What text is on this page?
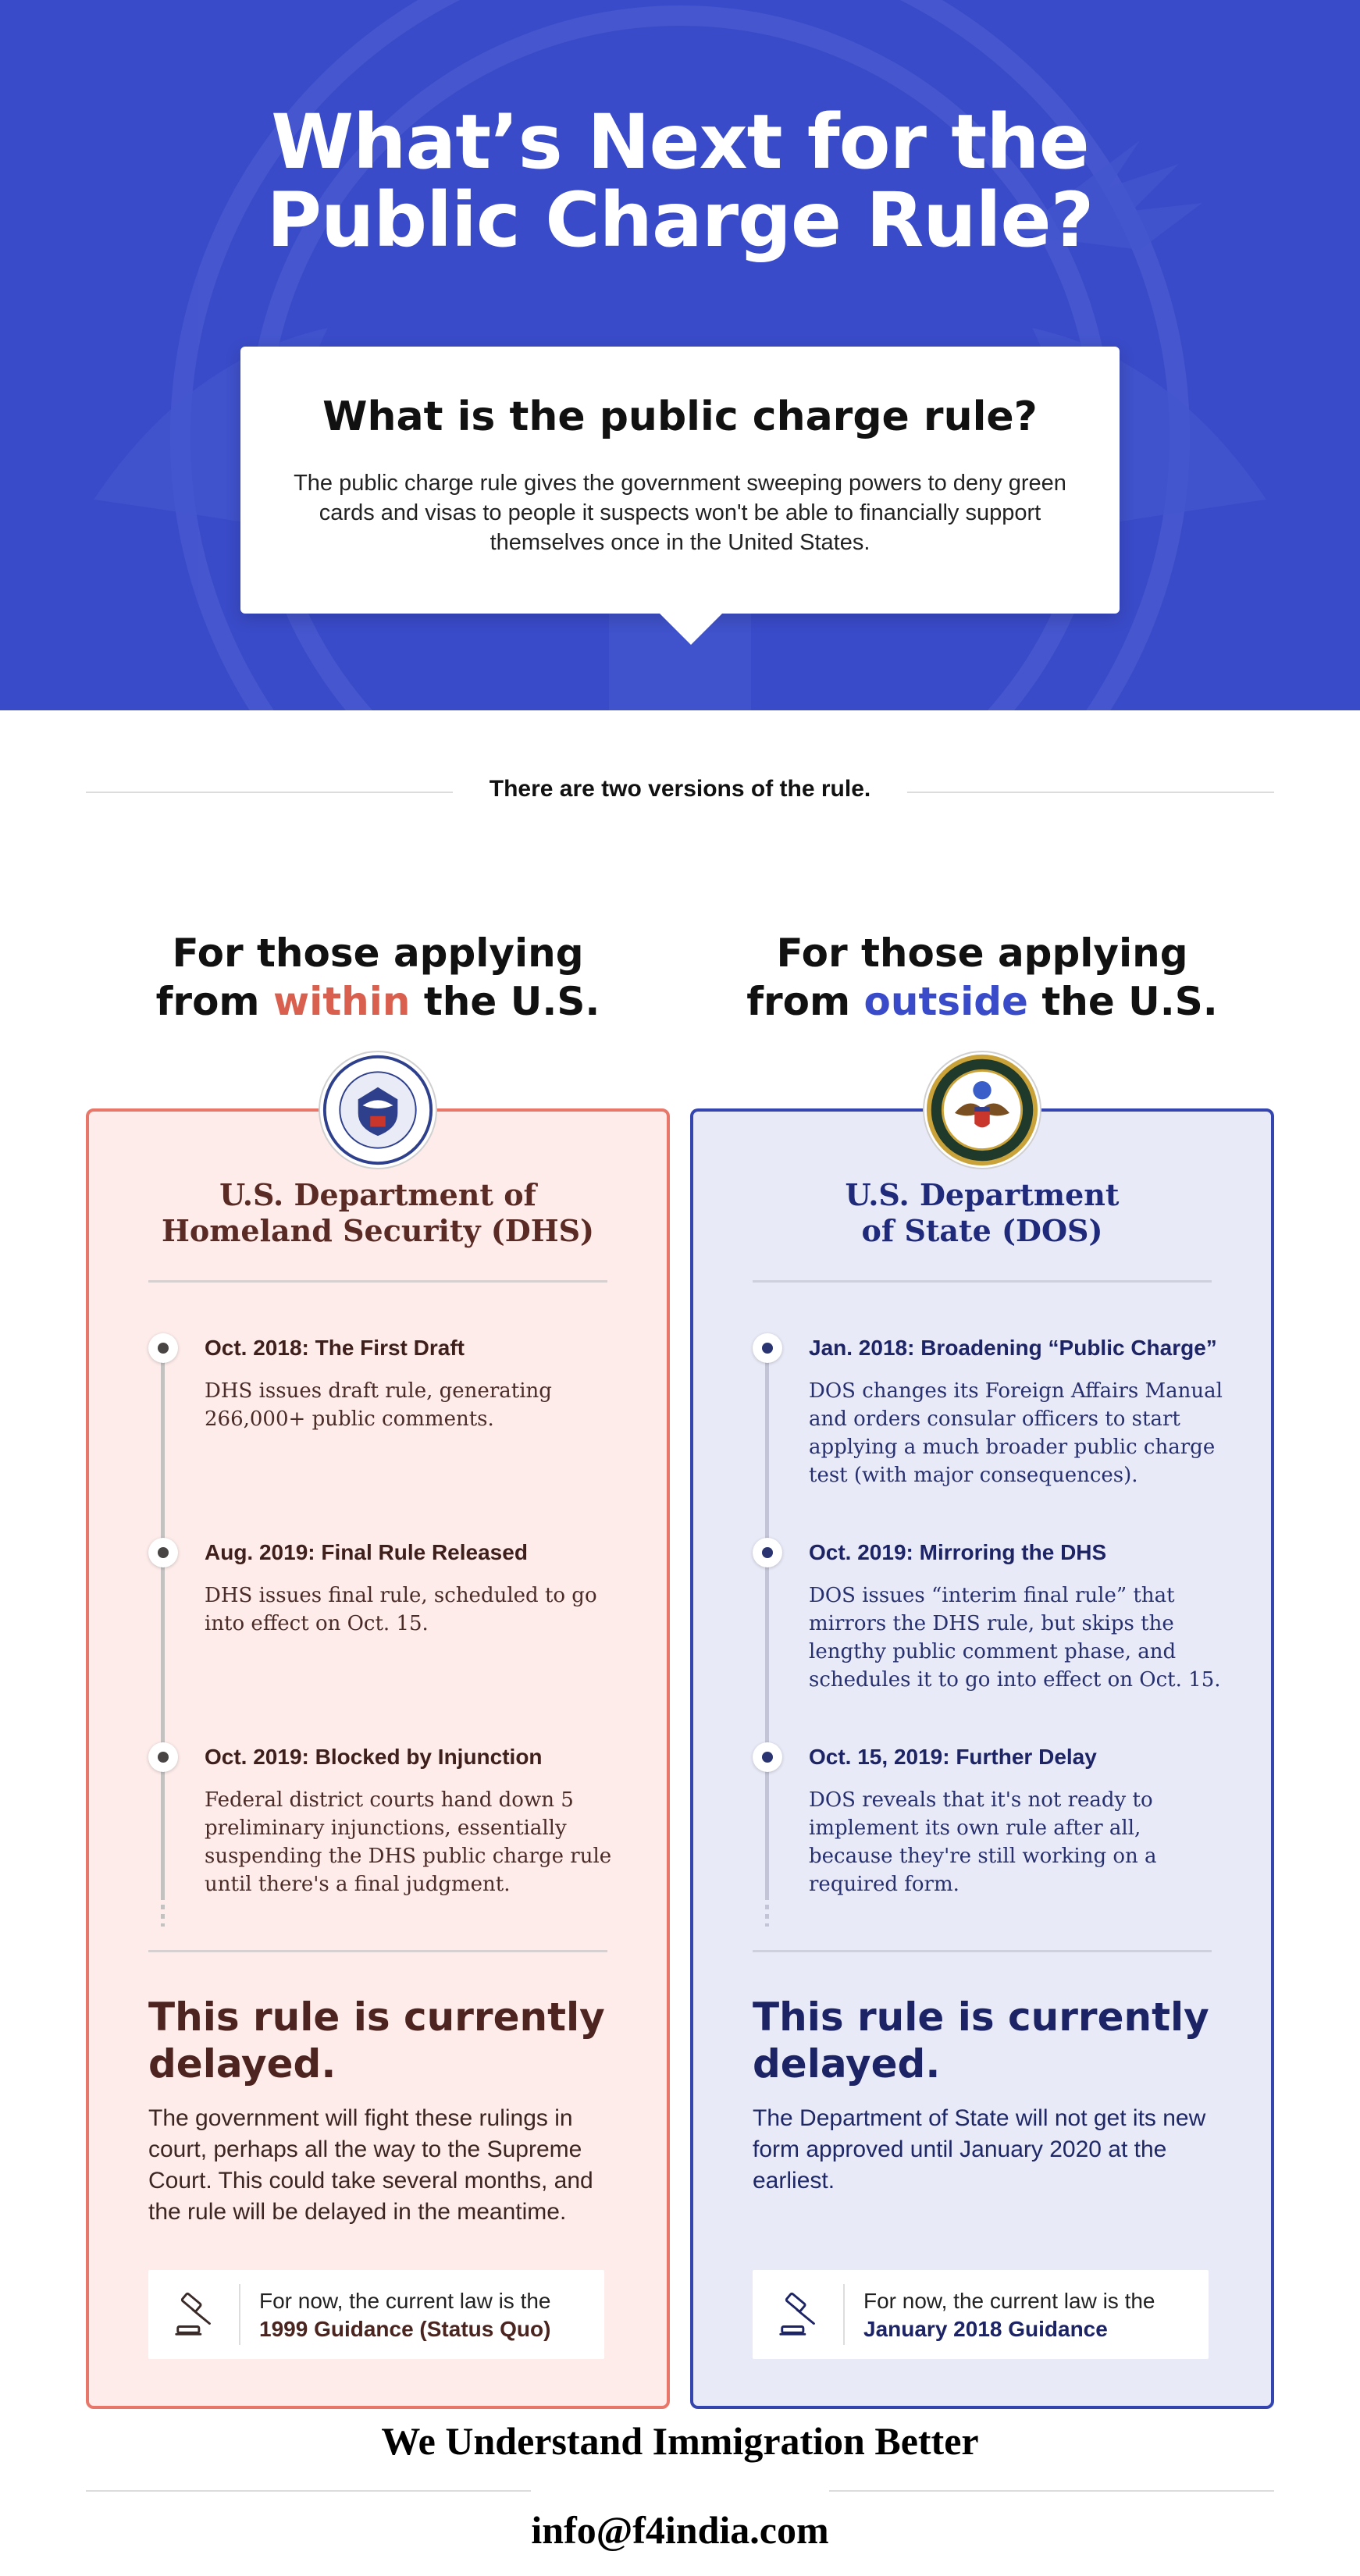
What’s Next for the
Public Charge Rule?
What is the public charge rule?

The public charge rule gives the government sweeping powers to deny green cards and visas to people it suspects won't be able to financially support themselves once in the United States.

There are two versions of the rule.
For those applying
from within the U.S.
For those applying
from outside the U.S.
U.S. Department of
Homeland Security (DHS)
Oct. 2018: The First Draft
DHS issues draft rule, generating 266,000+ public comments.
Aug. 2019: Final Rule Released
DHS issues final rule, scheduled to go into effect on Oct. 15.
Oct. 2019: Blocked by Injunction
Federal district courts hand down 5 preliminary injunctions, essentially suspending the DHS public charge rule until there's a final judgment.
This rule is currently delayed.
The government will fight these rulings in court, perhaps all the way to the Supreme Court. This could take several months, and the rule will be delayed in the meantime.
For now, the current law is the
1999 Guidance (Status Quo)
U.S. Department
of State (DOS)
Jan. 2018: Broadening “Public Charge”
DOS changes its Foreign Affairs Manual and orders consular officers to start applying a much broader public charge test (with major consequences).
Oct. 2019: Mirroring the DHS
DOS issues “interim final rule” that mirrors the DHS rule, but skips the lengthy public comment phase, and schedules it to go into effect on Oct. 15.
Oct. 15, 2019: Further Delay
DOS reveals that it's not ready to implement its own rule after all, because they're still working on a required form.
This rule is currently delayed.
The Department of State will not get its new form approved until January 2020 at the earliest.
For now, the current law is the
January 2018 Guidance
We Understand Immigration Better
info@f4india.com
